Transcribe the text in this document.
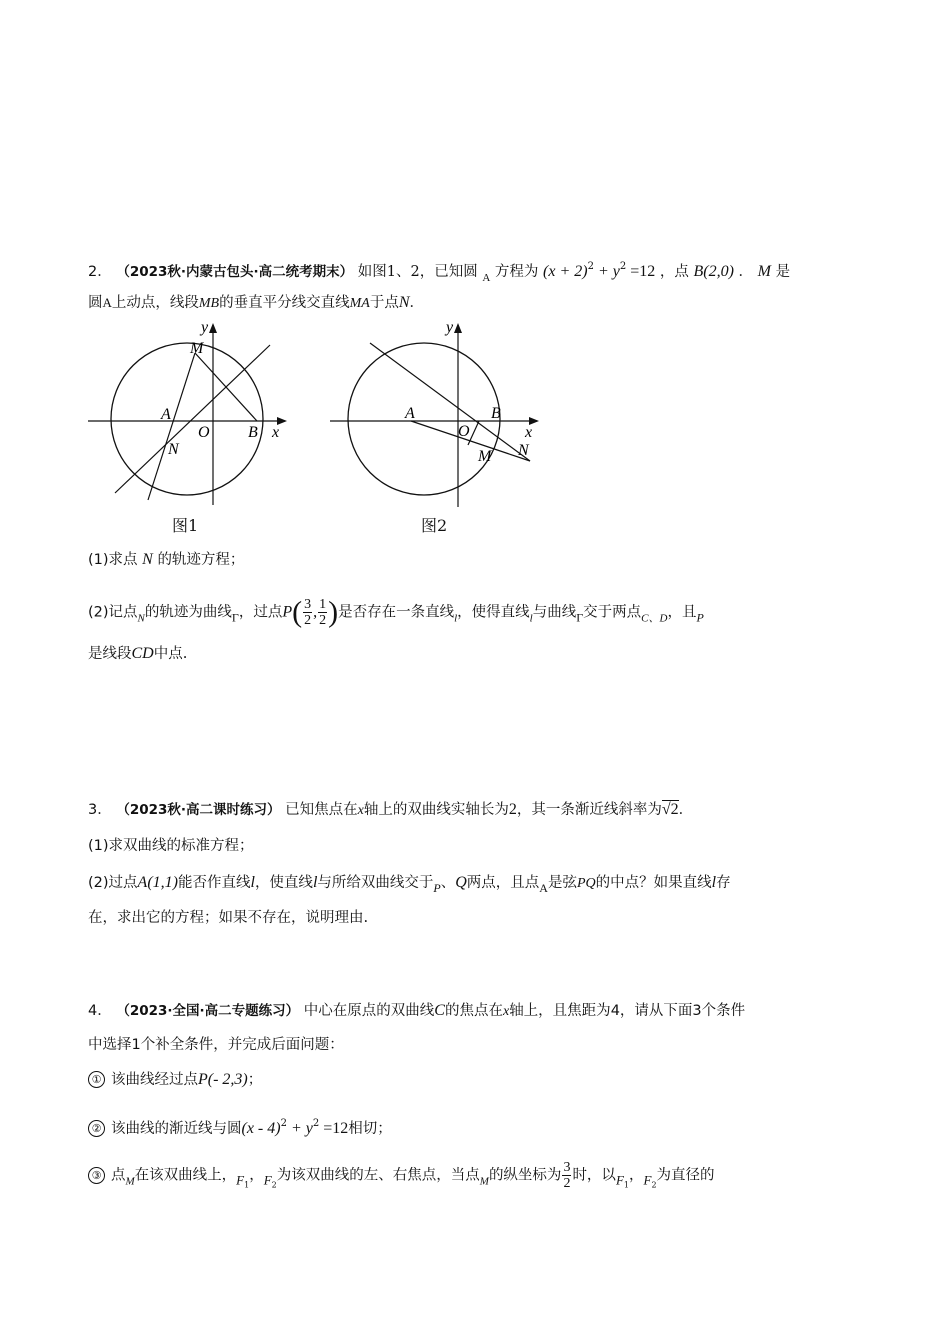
2． （2023秋·内蒙古包头·高二统考期末） 如图1、2，已知圆 $_A$ 方程为 $(x + 2)^2 + y^2 =12$ ，点 B(2,0) ． M 是
圆A上动点，线段MB的垂直平分线交直线MA于点N．
y
M
A
O B x
N
图1
y
A
O
B
x
M N
图2
(1)求点 N 的轨迹方程；
(2)记点$_N$的轨迹为曲线$_\Gamma$，过点$P( \frac{3}{2}$ , $\frac{1}{2}$ )是否存在一条直线$_l$，使得直线$_l$与曲线$_\Gamma$交于两点$_{C、D}$，且$_P$
是线段CD中点.
3． （2023秋·高二课时练习） 已知焦点在x轴上的双曲线实轴长为2，其一条渐近线斜率为√2．
(1)求双曲线的标准方程；
(2)过点A(1,1)能否作直线l，使直线l与所给双曲线交于$_P$、Q两点，且点$_A$是弦PQ的中点？如果直线l存
在，求出它的方程；如果不存在，说明理由.
4． （2023·全国·高二专题练习） 中心在原点的双曲线C的焦点在x轴上，且焦距为4，请从下面3个条件
中选择1个补全条件，并完成后面问题：
① 该曲线经过点P(- 2,3)；
② 该曲线的渐近线与圆$(x - 4)^2 + y^2 =12$相切；
③ 点$_M$在该双曲线上，$F_1$，$F_2$为该双曲线的左、右焦点，当点$_M$的纵坐标为 $\frac{3}{2}$ 时，以$F_1$，$F_2$为直径的
